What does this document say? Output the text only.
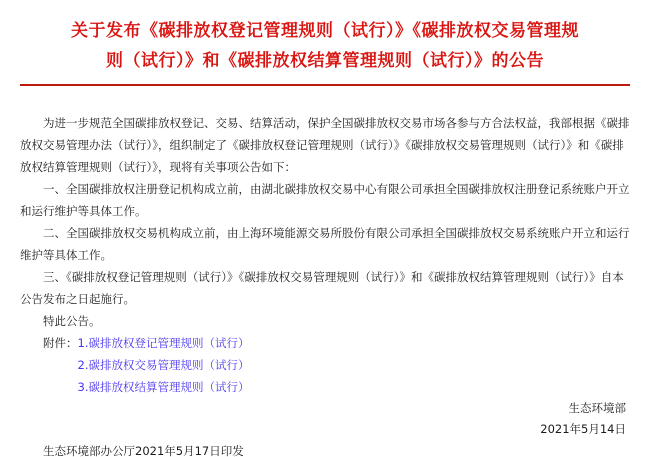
关于发布《碳排放权登记管理规则（试行）》《碳排放权交易管理规
则（试行）》和《碳排放权结算管理规则（试行）》的公告

为进一步规范全国碳排放权登记、交易、结算活动，保护全国碳排放权交易市场各参与方合法权益，我部根据《碳排放权交易管理办法（试行）》，组织制定了《碳排放权登记管理规则（试行）》《碳排放权交易管理规则（试行）》和《碳排放权结算管理规则（试行）》，现将有关事项公告如下：

一、全国碳排放权注册登记机构成立前，由湖北碳排放权交易中心有限公司承担全国碳排放权注册登记系统账户开立和运行维护等具体工作。

二、全国碳排放权交易机构成立前，由上海环境能源交易所股份有限公司承担全国碳排放权交易系统账户开立和运行维护等具体工作。

三、《碳排放权登记管理规则（试行）》《碳排放权交易管理规则（试行）》和《碳排放权结算管理规则（试行）》自本公告发布之日起施行。

特此公告。

附件： 1.碳排放权登记管理规则（试行）
2.碳排放权交易管理规则（试行）
3.碳排放权结算管理规则（试行）
生态环境部
2021年5月14日
生态环境部办公厅2021年5月17日印发
